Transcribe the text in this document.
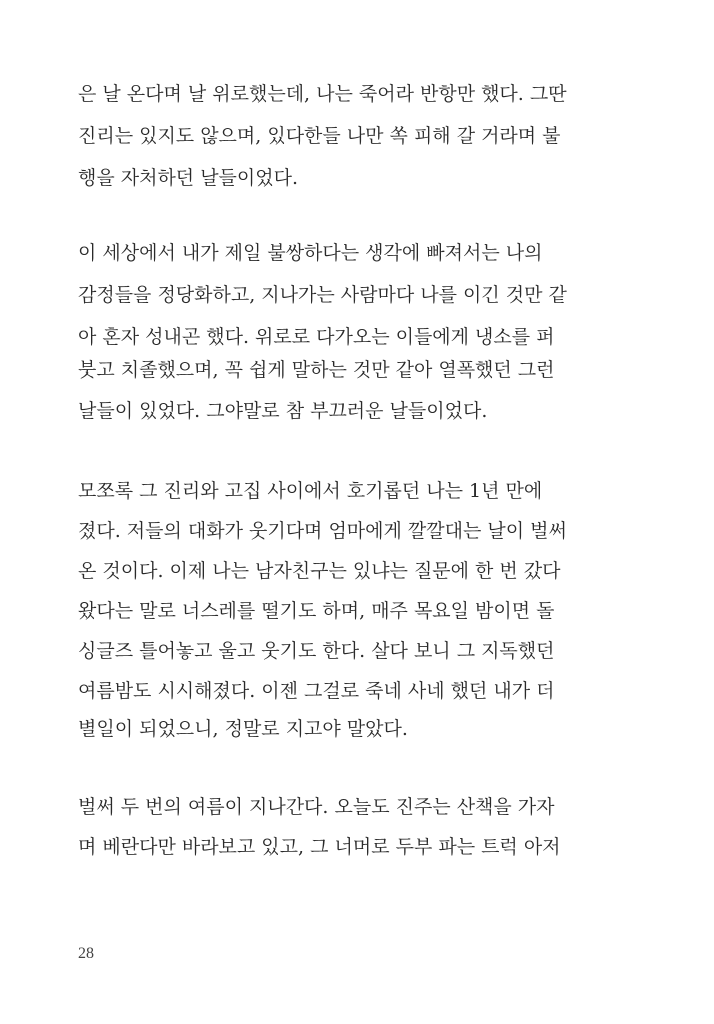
은 날 온다며 날 위로했는데, 나는 죽어라 반항만 했다. 그딴
진리는 있지도 않으며, 있다한들 나만 쏙 피해 갈 거라며 불
행을 자처하던 날들이었다.
이 세상에서 내가 제일 불쌍하다는 생각에 빠져서는 나의
감정들을 정당화하고, 지나가는 사람마다 나를 이긴 것만 같
아 혼자 성내곤 했다. 위로로 다가오는 이들에게 냉소를 퍼
붓고 치졸했으며, 꼭 쉽게 말하는 것만 같아 열폭했던 그런
날들이 있었다. 그야말로 참 부끄러운 날들이었다.
모쪼록 그 진리와 고집 사이에서 호기롭던 나는 1년 만에
졌다. 저들의 대화가 웃기다며 엄마에게 깔깔대는 날이 벌써
온 것이다. 이제 나는 남자친구는 있냐는 질문에 한 번 갔다
왔다는 말로 너스레를 떨기도 하며, 매주 목요일 밤이면 돌
싱글즈 틀어놓고 울고 웃기도 한다. 살다 보니 그 지독했던
여름밤도 시시해졌다. 이젠 그걸로 죽네 사네 했던 내가 더
별일이 되었으니, 정말로 지고야 말았다.
벌써 두 번의 여름이 지나간다. 오늘도 진주는 산책을 가자
며 베란다만 바라보고 있고, 그 너머로 두부 파는 트럭 아저
28
